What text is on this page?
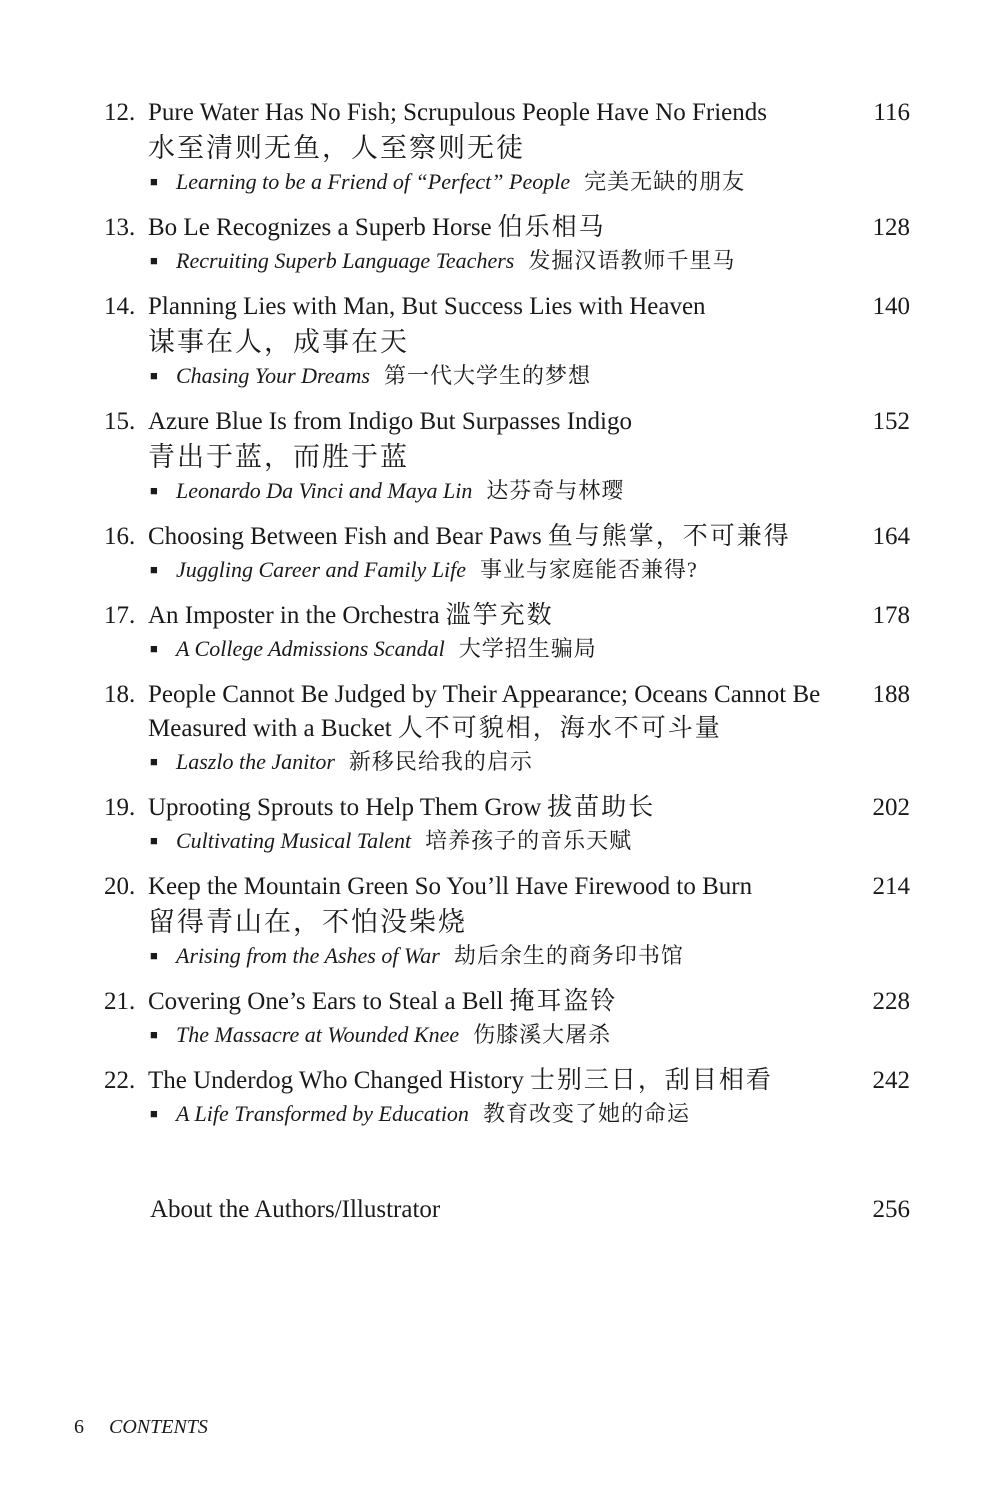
12. Pure Water Has No Fish; Scrupulous People Have No Friends
水至清则无鱼，人至察则无徒
■ Learning to be a Friend of “Perfect” People 完美无缺的朋友
116
13. Bo Le Recognizes a Superb Horse 伯乐相马
■ Recruiting Superb Language Teachers 发掘汉语教师千里马
128
14. Planning Lies with Man, But Success Lies with Heaven
谋事在人，成事在天
■ Chasing Your Dreams 第一代大学生的梦想
140
15. Azure Blue Is from Indigo But Surpasses Indigo
青出于蓝，而胜于蓝
■ Leonardo Da Vinci and Maya Lin 达芬奇与林璎
152
16. Choosing Between Fish and Bear Paws 鱼与熊掌，不可兼得
■ Juggling Career and Family Life 事业与家庭能否兼得?
164
17. An Imposter in the Orchestra 滥竽充数
■ A College Admissions Scandal 大学招生骗局
178
18. People Cannot Be Judged by Their Appearance; Oceans Cannot Be Measured with a Bucket 人不可貌相，海水不可斗量
■ Laszlo the Janitor 新移民给我的启示
188
19. Uprooting Sprouts to Help Them Grow 拔苗助长
■ Cultivating Musical Talent 培养孩子的音乐天赋
202
20. Keep the Mountain Green So You’ll Have Firewood to Burn
留得青山在，不怕没柴烧
■ Arising from the Ashes of War 劫后余生的商务印书馆
214
21. Covering One’s Ears to Steal a Bell 掩耳盗铃
■ The Massacre at Wounded Knee 伤膝溪大屠杀
228
22. The Underdog Who Changed History 士别三日，刮目相看
■ A Life Transformed by Education 教育改变了她的命运
242
About the Authors/Illustrator	256
6 CONTENTS
